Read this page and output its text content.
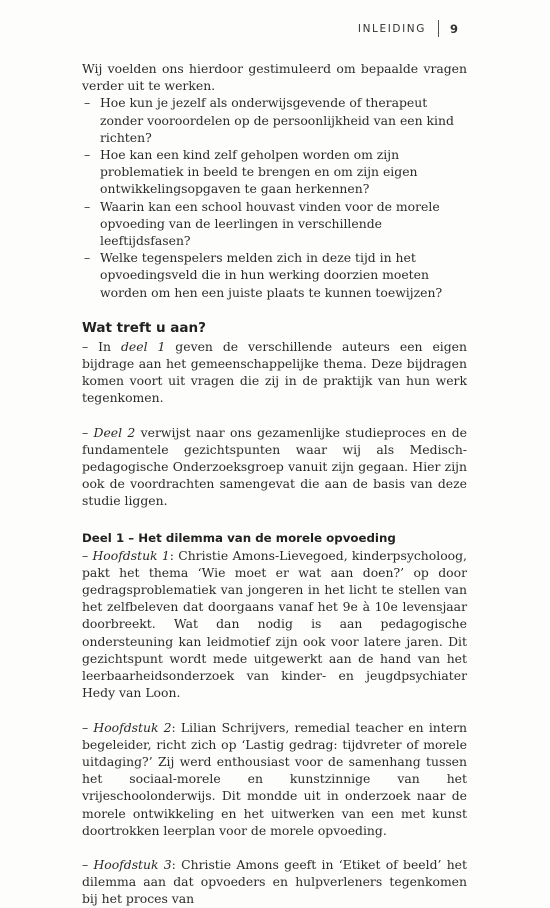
INLEIDING 9

Wij voelden ons hierdoor gestimuleerd om bepaalde vragen verder uit te werken.

– Hoe kun je jezelf als onderwijsgevende of therapeut zonder vooroordelen op de persoonlijkheid van een kind richten?
– Hoe kan een kind zelf geholpen worden om zijn problematiek in beeld te brengen en om zijn eigen ontwikkelingsopgaven te gaan herkennen?
– Waarin kan een school houvast vinden voor de morele opvoeding van de leerlingen in verschillende leeftijdsfasen?
– Welke tegenspelers melden zich in deze tijd in het opvoedingsveld die in hun werking doorzien moeten worden om hen een juiste plaats te kunnen toewijzen?
Wat treft u aan?

– In deel 1 geven de verschillende auteurs een eigen bijdrage aan het gemeenschappelijke thema. Deze bijdragen komen voort uit vragen die zij in de praktijk van hun werk tegenkomen.

– Deel 2 verwijst naar ons gezamenlijke studieproces en de fundamentele gezichtspunten waar wij als Medisch-pedagogische Onderzoeksgroep vanuit zijn gegaan. Hier zijn ook de voordrachten samengevat die aan de basis van deze studie liggen.

Deel 1 – Het dilemma van de morele opvoeding

– Hoofdstuk 1: Christie Amons-Lievegoed, kinderpsycholoog, pakt het thema ‘Wie moet er wat aan doen?’ op door gedragsproblematiek van jongeren in het licht te stellen van het zelfbeleven dat doorgaans vanaf het 9e à 10e levensjaar doorbreekt. Wat dan nodig is aan pedagogische ondersteuning kan leidmotief zijn ook voor latere jaren. Dit gezichtspunt wordt mede uitgewerkt aan de hand van het leerbaarheidsonderzoek van kinder- en jeugdpsychiater Hedy van Loon.

– Hoofdstuk 2: Lilian Schrijvers, remedial teacher en intern begeleider, richt zich op ‘Lastig gedrag: tijdvreter of morele uitdaging?’ Zij werd enthousiast voor de samenhang tussen het sociaal-morele en kunstzinnige van het vrijeschoolonderwijs. Dit mondde uit in onderzoek naar de morele ontwikkeling en het uitwerken van een met kunst doortrokken leerplan voor de morele opvoeding.

– Hoofdstuk 3: Christie Amons geeft in ‘Etiket of beeld’ het dilemma aan dat opvoeders en hulpverleners tegenkomen bij het proces van
